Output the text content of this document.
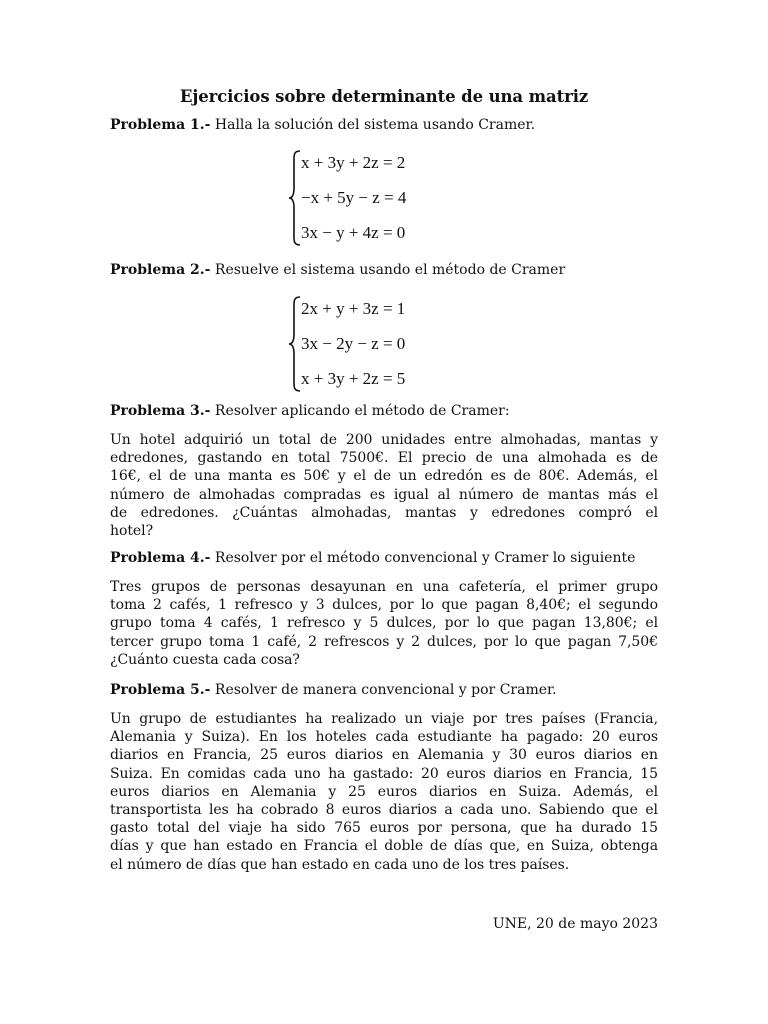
Ejercicios sobre determinante de una matriz
Problema 1.- Halla la solución del sistema usando Cramer.
x + 3y + 2z = 2
−x + 5y − z = 4
3x − y + 4z = 0
Problema 2.- Resuelve el sistema usando el método de Cramer
2x + y + 3z = 1
3x − 2y − z = 0
x + 3y + 2z = 5
Problema 3.- Resolver aplicando el método de Cramer:
Un hotel adquirió un total de 200 unidades entre almohadas, mantas y
edredones, gastando en total 7500€. El precio de una almohada es de
16€, el de una manta es 50€ y el de un edredón es de 80€. Además, el
número de almohadas compradas es igual al número de mantas más el
de edredones. ¿Cuántas almohadas, mantas y edredones compró el
hotel?
Problema 4.- Resolver por el método convencional y Cramer lo siguiente
Tres grupos de personas desayunan en una cafetería, el primer grupo
toma 2 cafés, 1 refresco y 3 dulces, por lo que pagan 8,40€; el segundo
grupo toma 4 cafés, 1 refresco y 5 dulces, por lo que pagan 13,80€; el
tercer grupo toma 1 café, 2 refrescos y 2 dulces, por lo que pagan 7,50€
¿Cuánto cuesta cada cosa?
Problema 5.- Resolver de manera convencional y por Cramer.
Un grupo de estudiantes ha realizado un viaje por tres países (Francia,
Alemania y Suiza). En los hoteles cada estudiante ha pagado: 20 euros
diarios en Francia, 25 euros diarios en Alemania y 30 euros diarios en
Suiza. En comidas cada uno ha gastado: 20 euros diarios en Francia, 15
euros diarios en Alemania y 25 euros diarios en Suiza. Además, el
transportista les ha cobrado 8 euros diarios a cada uno. Sabiendo que el
gasto total del viaje ha sido 765 euros por persona, que ha durado 15
días y que han estado en Francia el doble de días que, en Suiza, obtenga
el número de días que han estado en cada uno de los tres países.
UNE, 20 de mayo 2023
